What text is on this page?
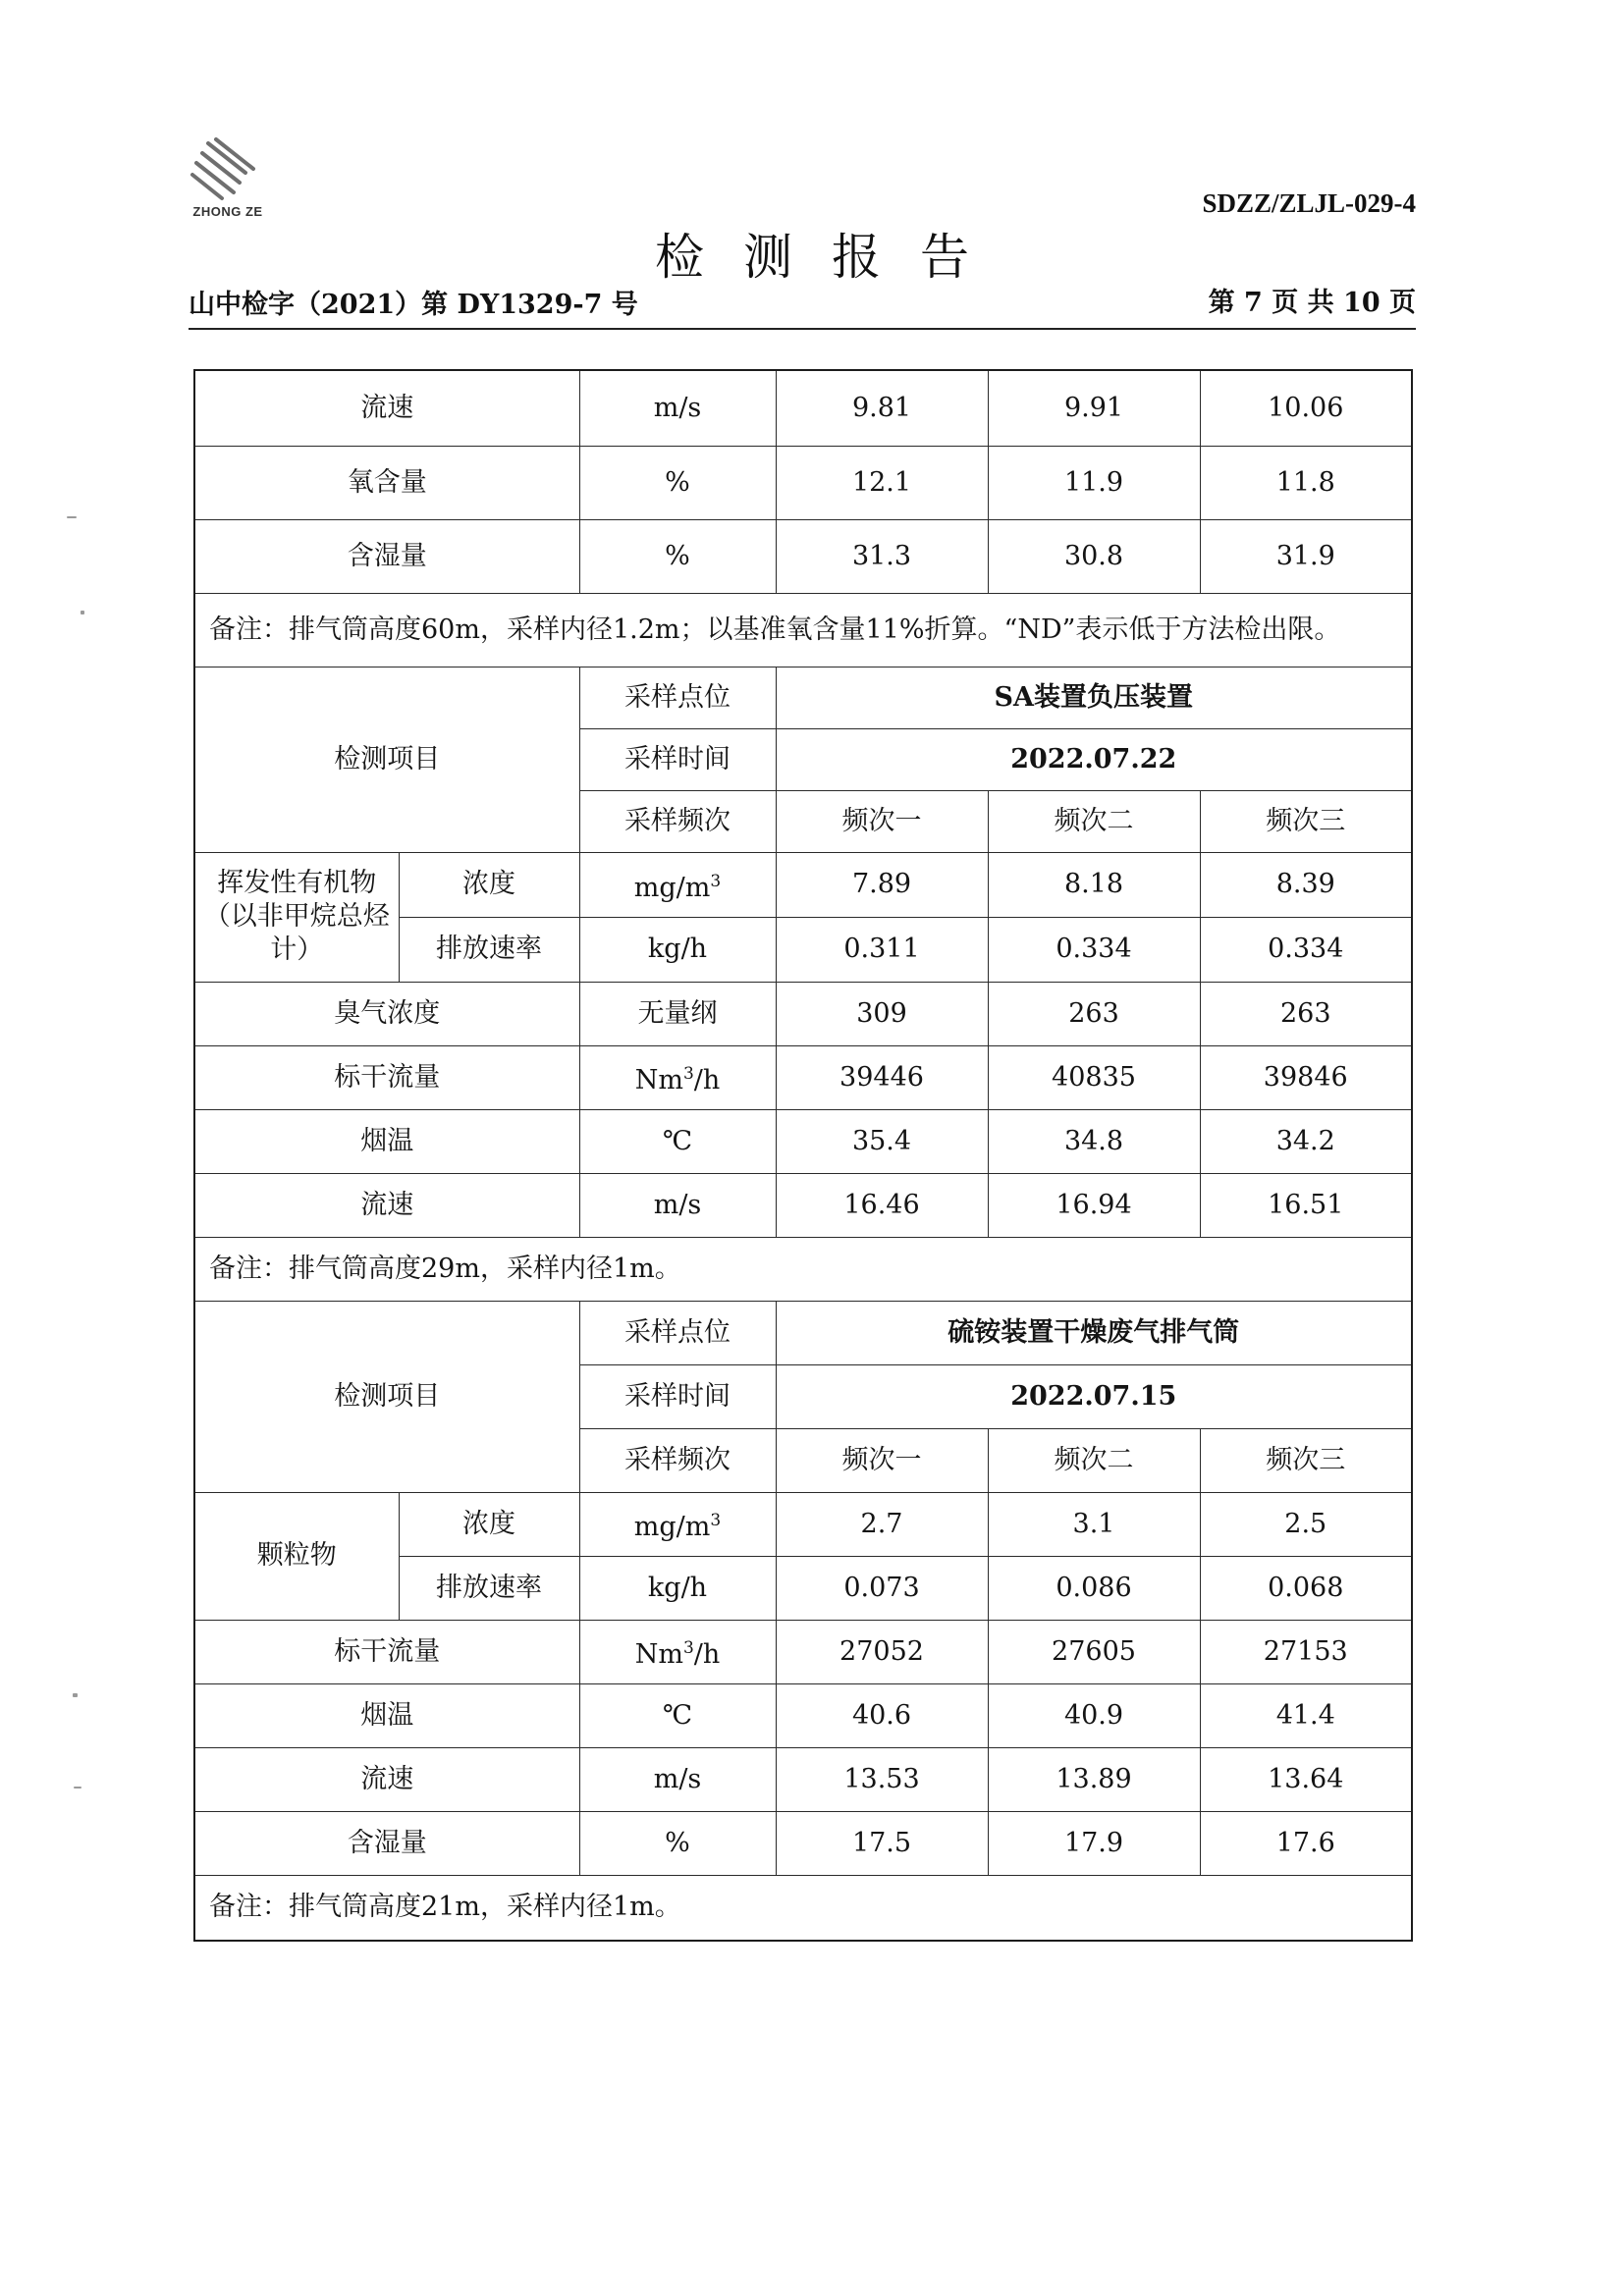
ZHONG ZE	SDZZ/ZLJL-029-4
检测报告
山中检字（2021）第 DY1329-7 号	第 7 页 共 10 页
流速		m/s	9.81	9.91	10.06
氧含量		%	12.1	11.9	11.8
含湿量		%	31.3	30.8	31.9
备注：排气筒高度60m，采样内径1.2m；以基准氧含量11%折算。“ND”表示低于方法检出限。					
检测项目		采样点位	SA装置负压装置		
		采样时间	2022.07.22		
		采样频次	频次一	频次二	频次三
挥发性有机物（以非甲烷总烃计）	浓度	$mg/m^3$	7.89	8.18	8.39
	排放速率	kg/h	0.311	0.334	0.334
臭气浓度		无量纲	309	263	263
标干流量		Nm$^3$/h	39446	40835	39846
烟温		℃	35.4	34.8	34.2
流速		m/s	16.46	16.94	16.51
备注：排气筒高度29m，采样内径1m。					
检测项目		采样点位	硫铵装置干燥废气排气筒		
		采样时间	2022.07.15		
		采样频次	频次一	频次二	频次三
颗粒物	浓度	$mg/m^3$	2.7	3.1	2.5
	排放速率	kg/h	0.073	0.086	0.068
标干流量		Nm$^3$/h	27052	27605	27153
烟温		℃	40.6	40.9	41.4
流速		m/s	13.53	13.89	13.64
含湿量		%	17.5	17.9	17.6
备注：排气筒高度21m，采样内径1m。					
